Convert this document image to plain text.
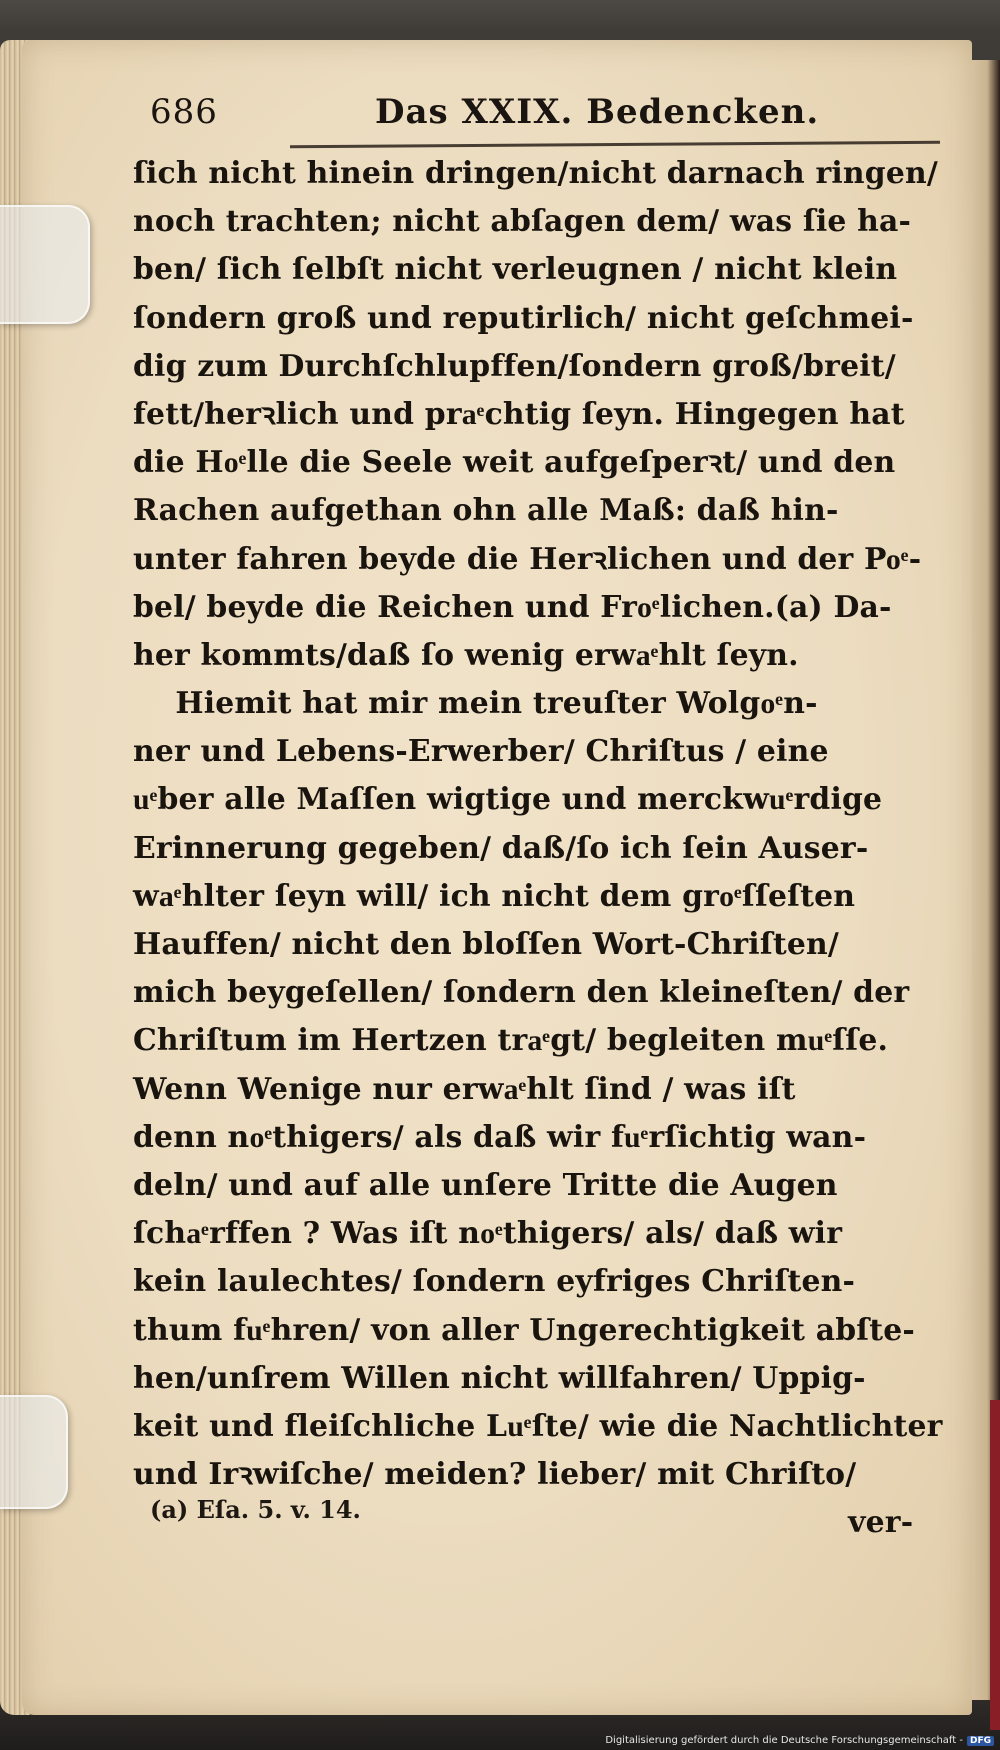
686	Das XXIX. Bedencken.
ſich nicht hinein dringen/nicht darnach ringen/
noch trachten; nicht abſagen dem/ was ſie ha-
ben/ ſich ſelbſt nicht verleugnen / nicht klein
ſondern groß und reputirlich/ nicht geſchmei-
dig zum Durchſchlupffen/ſondern groß/breit/
fett/herꝛlich und praͤchtig ſeyn. Hingegen hat
die Hoͤlle die Seele weit aufgeſperꝛt/ und den
Rachen aufgethan ohn alle Maß: daß hin-
unter fahren beyde die Herꝛlichen und der Poͤ-
bel/ beyde die Reichen und Froͤlichen.(a) Da-
her kommts/daß ſo wenig erwaͤhlt ſeyn.
Hiemit hat mir mein treuſter Wolgoͤn-
ner und Lebens-Erwerber/ Chriſtus / eine
uͤber alle Maſſen wigtige und merckwuͤrdige
Erinnerung gegeben/ daß/ſo ich ſein Auser-
waͤhlter ſeyn will/ ich nicht dem groͤſſeſten
Hauffen/ nicht den bloſſen Wort-Chriſten/
mich beygeſellen/ ſondern den kleineſten/ der
Chriſtum im Hertzen traͤgt/ begleiten muͤſſe.
Wenn Wenige nur erwaͤhlt ſind / was iſt
denn noͤthigers/ als daß wir fuͤrſichtig wan-
deln/ und auf alle unſere Tritte die Augen
ſchaͤrffen ? Was iſt noͤthigers/ als/ daß wir
kein laulechtes/ ſondern eyfriges Chriſten-
thum fuͤhren/ von aller Ungerechtigkeit abſte-
hen/unſrem Willen nicht willfahren/ Uppig-
keit und fleiſchliche Luͤſte/ wie die Nachtlichter
und Irꝛwiſche/ meiden? lieber/ mit Chriſto/
ver-
(a) Eſa. 5. v. 14.
Digitalisierung gefördert durch die Deutsche Forschungsgemeinschaft - DFG
